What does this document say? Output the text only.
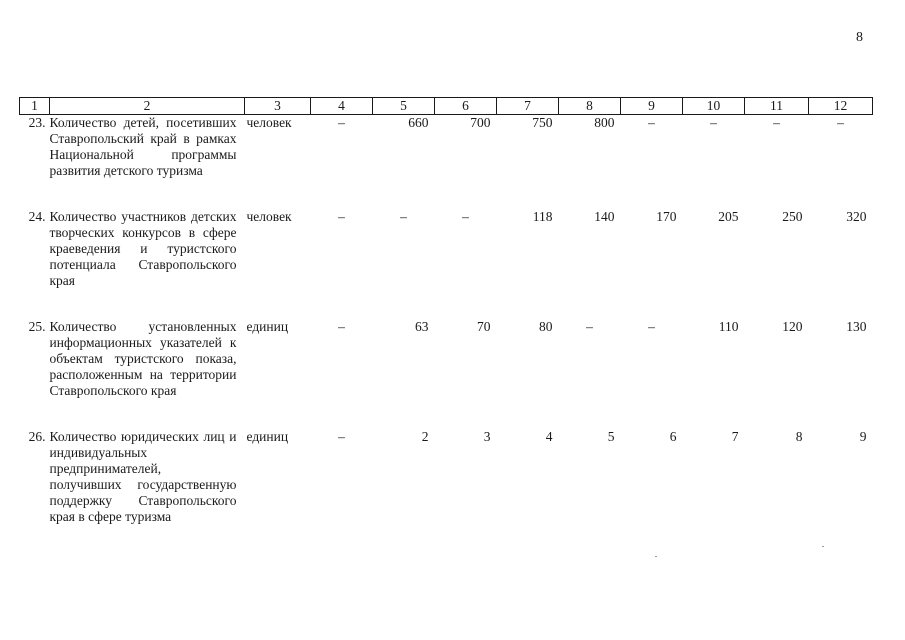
8
1	2	3	4	5	6	7	8	9	10	11	12
23.	Количество детей, посетивших Ставропольский край в рамках Национальной программы развития детского туризма	человек	–	660	700	750	800	–	–	–	–

24.	Количество участников детских творческих конкурсов в сфере краеведения и туристского потенциала Ставропольского края	человек	–	–	–	118	140	170	205	250	320

25.	Количество установленных информационных указателей к объектам туристского показа, расположенным на территории Ставропольского края	единиц	–	63	70	80	–	–	110	120	130

26.	Количество юридических лиц и индивидуальных предпринимателей, получивших государственную поддержку Ставропольского края в сфере туризма	единиц	–	2	3	4	5	6	7	8	9
